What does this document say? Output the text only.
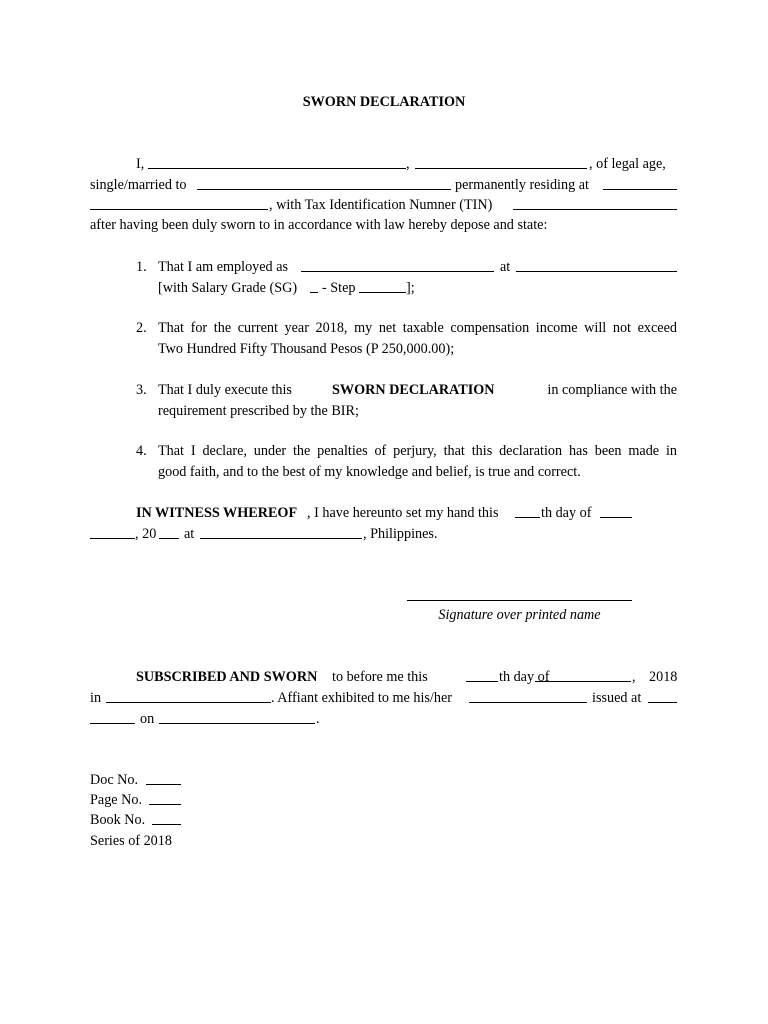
SWORN DECLARATION
I,	,	, of legal age,
single/married to	permanently residing at
, with Tax Identification Numner (TIN)
after having been duly sworn to in accordance with law hereby depose and state:
1. That I am employed as	at
[with Salary Grade (SG) - Step	];
2. That for the current year 2018, my net taxable compensation income will not exceed
Two Hundred Fifty Thousand Pesos (P 250,000.00);
3. That I duly execute this	SWORN DECLARATION	in compliance with the
requirement prescribed by the BIR;
4. That I declare, under the penalties of perjury, that this declaration has been made in
good faith, and to the best of my knowledge and belief, is true and correct.
IN WITNESS WHEREOF , I have hereunto set my hand this	th day of
, 20 at	, Philippines.
Signature over printed name
SUBSCRIBED AND SWORN to before me this	th day of	, 2018
in	. Affiant exhibited to me his/her	issued at
on	.
Doc No.
Page No.
Book No.
Series of 2018
